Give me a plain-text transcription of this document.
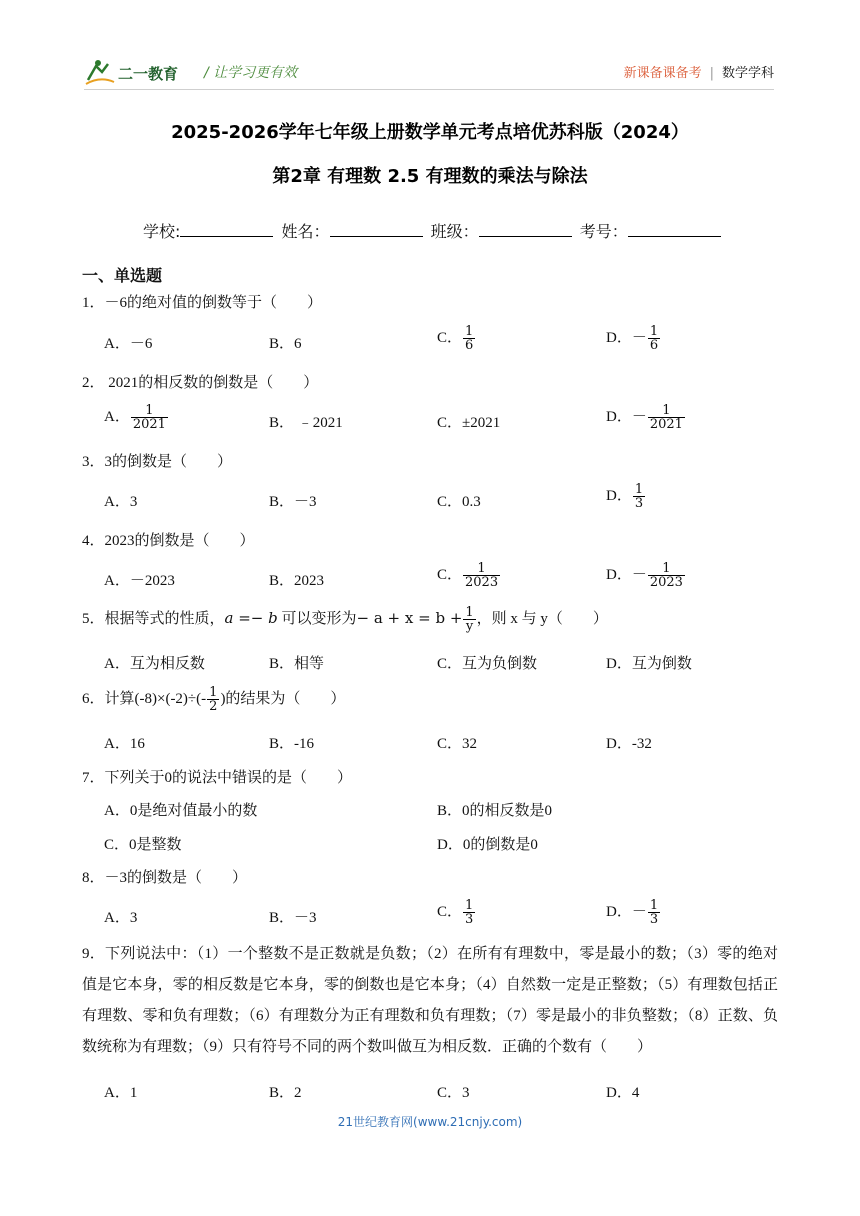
二一教育 / 让学习更有效	新课备课备考 | 数学学科
2025-2026学年七年级上册数学单元考点培优苏科版（2024）
第2章 有理数 2.5 有理数的乘法与除法
学校:	姓名：	班级：	考号：
一、单选题
1．－6的绝对值的倒数等于（　　）
A．－6	B．6	C． $\frac{1}{6}$	D．－ $\frac{1}{6}$
2． 2021的相反数的倒数是（　　）
A． $\frac{1}{2021}$	B． ﹣2021	C．±2021	D．－ $\frac{1}{2021}$
3．3的倒数是（　　）
A．3	B．－3	C．0.3	D． $\frac{1}{3}$
4．2023的倒数是（　　）
A．－2023	B．2023	C． $\frac{1}{2023}$	D．－ $\frac{1}{2023}$
5．根据等式的性质，a =− b 可以变形为− $a + x = b + \frac{1}{y}$ ，则 x 与 y（　　）
A．互为相反数	B．相等	C．互为负倒数	D．互为倒数
6．计算$(-8)\times(-2)\div(- \frac{1}{2}$ )的结果为（　　）
A．16	B．-16	C．32	D．-32
7．下列关于0的说法中错误的是（　　）
A．0是绝对值最小的数	B．0的相反数是0
C．0是整数	D．0的倒数是0
8．－3的倒数是（　　）
A．3	B．－3	C． $\frac{1}{3}$	D．－ $\frac{1}{3}$
9．下列说法中：（1）一个整数不是正数就是负数；（2）在所有有理数中，零是最小的数；（3）零的绝对值是它本身，零的相反数是它本身，零的倒数也是它本身；（4）自然数一定是正整数；（5）有理数包括正有理数、零和负有理数；（6）有理数分为正有理数和负有理数；（7）零是最小的非负整数；（8）正数、负数统称为有理数；（9）只有符号不同的两个数叫做互为相反数．正确的个数有（　　）
A．1	B．2	C．3	D．4
21世纪教育网(www.21cnjy.com)
